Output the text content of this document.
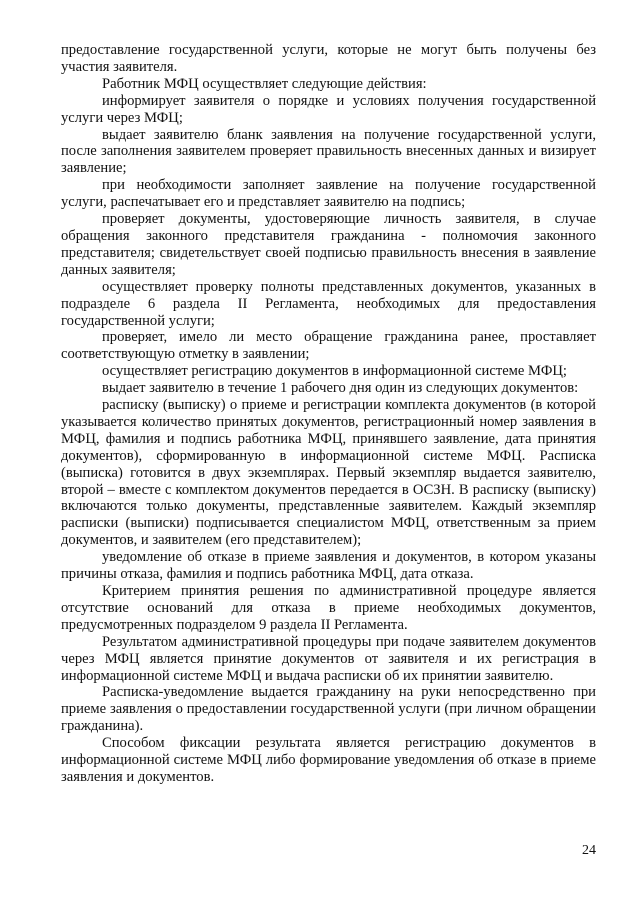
предоставление государственной услуги, которые не могут быть получены без участия заявителя.

Работник МФЦ осуществляет следующие действия:

информирует заявителя о порядке и условиях получения государственной услуги через МФЦ;

выдает заявителю бланк заявления на получение государственной услуги, после заполнения заявителем проверяет правильность внесенных данных и визирует заявление;

при необходимости заполняет заявление на получение государственной услуги, распечатывает его и представляет заявителю на подпись;

проверяет документы, удостоверяющие личность заявителя, в случае обращения законного представителя гражданина - полномочия законного представителя; свидетельствует своей подписью правильность внесения в заявление данных заявителя;

осуществляет проверку полноты представленных документов, указанных в подразделе 6 раздела II Регламента, необходимых для предоставления государственной услуги;

проверяет, имело ли место обращение гражданина ранее, проставляет соответствующую отметку в заявлении;

осуществляет регистрацию документов в информационной системе МФЦ;

выдает заявителю в течение 1 рабочего дня один из следующих документов:

расписку (выписку) о приеме и регистрации комплекта документов (в которой указывается количество принятых документов, регистрационный номер заявления в МФЦ, фамилия и подпись работника МФЦ, принявшего заявление, дата принятия документов), сформированную в информационной системе МФЦ. Расписка (выписка) готовится в двух экземплярах. Первый экземпляр выдается заявителю, второй – вместе с комплектом документов передается в ОСЗН. В расписку (выписку) включаются только документы, представленные заявителем. Каждый экземпляр расписки (выписки) подписывается специалистом МФЦ, ответственным за прием документов, и заявителем (его представителем);

уведомление об отказе в приеме заявления и документов, в котором указаны причины отказа, фамилия и подпись работника МФЦ, дата отказа.

Критерием принятия решения по административной процедуре является отсутствие оснований для отказа в приеме необходимых документов, предусмотренных подразделом 9 раздела II Регламента.

Результатом административной процедуры при подаче заявителем документов через МФЦ является принятие документов от заявителя и их регистрация в информационной системе МФЦ и выдача расписки об их принятии заявителю.

Расписка-уведомление выдается гражданину на руки непосредственно при приеме заявления о предоставлении государственной услуги (при личном обращении гражданина).

Способом фиксации результата является регистрацию документов в информационной системе МФЦ либо формирование уведомления об отказе в приеме заявления и документов.

24
